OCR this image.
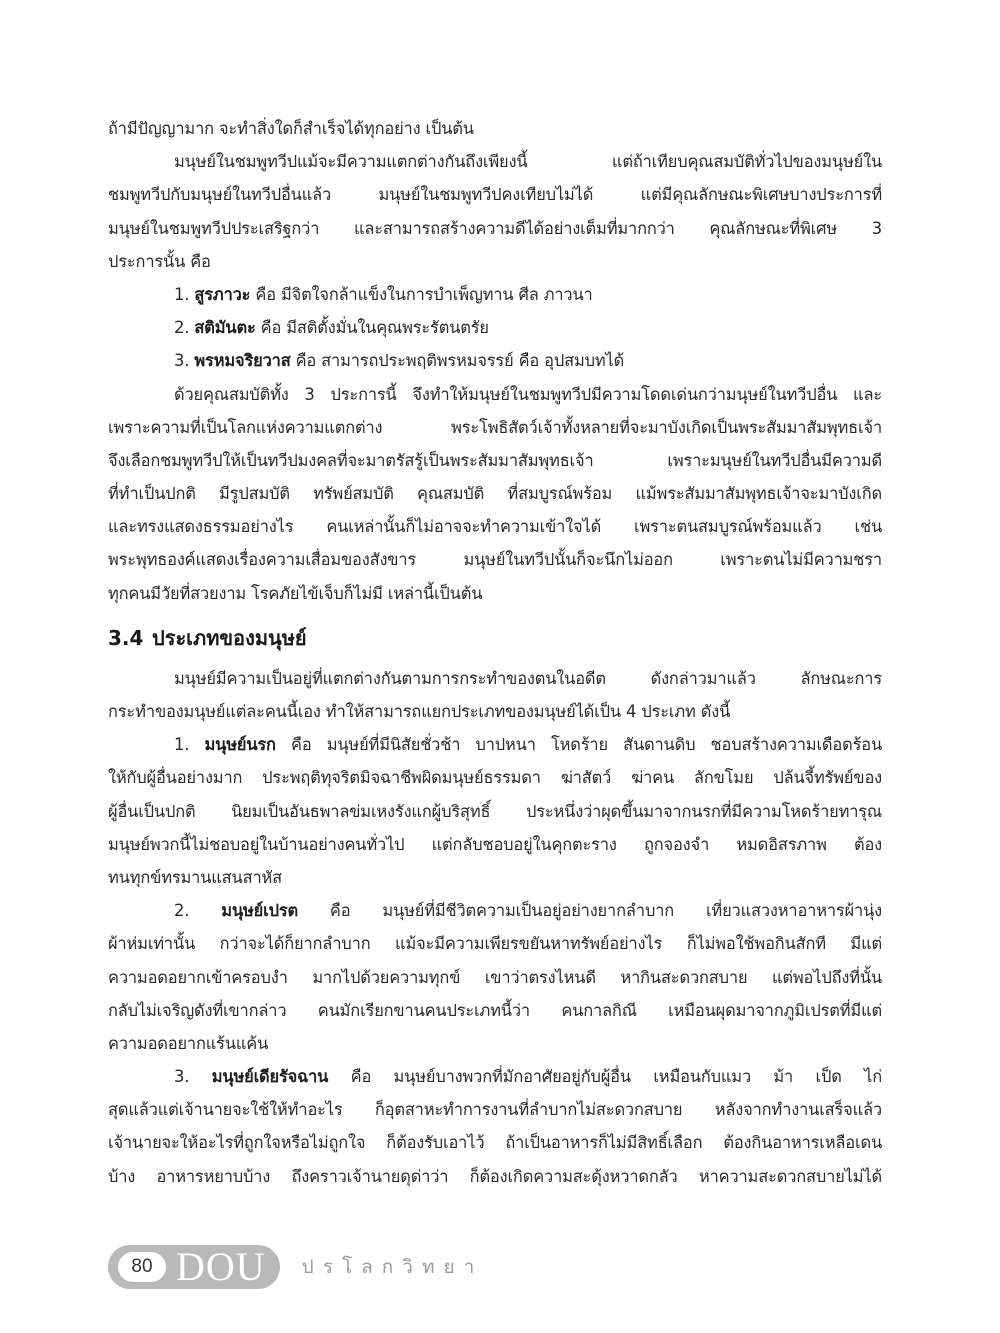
ถ้ามีปัญญามาก จะทำสิ่งใดก็สำเร็จได้ทุกอย่าง เป็นต้น
มนุษย์ในชมพูทวีปแม้จะมีความแตกต่างกันถึงเพียงนี้ แต่ถ้าเทียบคุณสมบัติทั่วไปของมนุษย์ใน
ชมพูทวีปกับมนุษย์ในทวีปอื่นแล้ว มนุษย์ในชมพูทวีปคงเทียบไม่ได้ แต่มีคุณลักษณะพิเศษบางประการที่
มนุษย์ในชมพูทวีปประเสริฐกว่า และสามารถสร้างความดีได้อย่างเต็มที่มากกว่า คุณลักษณะที่พิเศษ 3
ประการนั้น คือ
1. สูรภาวะ คือ มีจิตใจกล้าแข็งในการบำเพ็ญทาน ศีล ภาวนา
2. สติมันตะ คือ มีสติตั้งมั่นในคุณพระรัตนตรัย
3. พรหมจริยวาส คือ สามารถประพฤติพรหมจรรย์ คือ อุปสมบทได้
ด้วยคุณสมบัติทั้ง 3 ประการนี้ จึงทำให้มนุษย์ในชมพูทวีปมีความโดดเด่นกว่ามนุษย์ในทวีปอื่น และ
เพราะความที่เป็นโลกแห่งความแตกต่าง พระโพธิสัตว์เจ้าทั้งหลายที่จะมาบังเกิดเป็นพระสัมมาสัมพุทธเจ้า
จึงเลือกชมพูทวีปให้เป็นทวีปมงคลที่จะมาตรัสรู้เป็นพระสัมมาสัมพุทธเจ้า เพราะมนุษย์ในทวีปอื่นมีความดี
ที่ทำเป็นปกติ มีรูปสมบัติ ทรัพย์สมบัติ คุณสมบัติ ที่สมบูรณ์พร้อม แม้พระสัมมาสัมพุทธเจ้าจะมาบังเกิด
และทรงแสดงธรรมอย่างไร คนเหล่านั้นก็ไม่อาจจะทำความเข้าใจได้ เพราะตนสมบูรณ์พร้อมแล้ว เช่น
พระพุทธองค์แสดงเรื่องความเสื่อมของสังขาร มนุษย์ในทวีปนั้นก็จะนึกไม่ออก เพราะตนไม่มีความชรา
ทุกคนมีวัยที่สวยงาม โรคภัยไข้เจ็บก็ไม่มี เหล่านี้เป็นต้น
3.4 ประเภทของมนุษย์
มนุษย์มีความเป็นอยู่ที่แตกต่างกันตามการกระทำของตนในอดีต ดังกล่าวมาแล้ว ลักษณะการ
กระทำของมนุษย์แต่ละคนนี้เอง ทำให้สามารถแยกประเภทของมนุษย์ได้เป็น 4 ประเภท ดังนี้
1. มนุษย์นรก คือ มนุษย์ที่มีนิสัยชั่วช้า บาปหนา โหดร้าย สันดานดิบ ชอบสร้างความเดือดร้อน
ให้กับผู้อื่นอย่างมาก ประพฤติทุจริตมิจฉาชีพผิดมนุษย์ธรรมดา ฆ่าสัตว์ ฆ่าคน ลักขโมย ปล้นจี้ทรัพย์ของ
ผู้อื่นเป็นปกติ นิยมเป็นอันธพาลข่มเหงรังแกผู้บริสุทธิ์ ประหนึ่งว่าผุดขึ้นมาจากนรกที่มีความโหดร้ายทารุณ
มนุษย์พวกนี้ไม่ชอบอยู่ในบ้านอย่างคนทั่วไป แต่กลับชอบอยู่ในคุกตะราง ถูกจองจำ หมดอิสรภาพ ต้อง
ทนทุกข์ทรมานแสนสาหัส
2. มนุษย์เปรต คือ มนุษย์ที่มีชีวิตความเป็นอยู่อย่างยากลำบาก เที่ยวแสวงหาอาหารผ้านุ่ง
ผ้าห่มเท่านั้น กว่าจะได้ก็ยากลำบาก แม้จะมีความเพียรขยันหาทรัพย์อย่างไร ก็ไม่พอใช้พอกินสักที มีแต่
ความอดอยากเข้าครอบงำ มากไปด้วยความทุกข์ เขาว่าตรงไหนดี หากินสะดวกสบาย แต่พอไปถึงที่นั้น
กลับไม่เจริญดังที่เขากล่าว คนมักเรียกขานคนประเภทนี้ว่า คนกาลกิณี เหมือนผุดมาจากภูมิเปรตที่มีแต่
ความอดอยากแร้นแค้น
3. มนุษย์เดียรัจฉาน คือ มนุษย์บางพวกที่มักอาศัยอยู่กับผู้อื่น เหมือนกับแมว ม้า เป็ด ไก่
สุดแล้วแต่เจ้านายจะใช้ให้ทำอะไร ก็อุตสาหะทำการงานที่ลำบากไม่สะดวกสบาย หลังจากทำงานเสร็จแล้ว
เจ้านายจะให้อะไรที่ถูกใจหรือไม่ถูกใจ ก็ต้องรับเอาไว้ ถ้าเป็นอาหารก็ไม่มีสิทธิ์เลือก ต้องกินอาหารเหลือเดน
บ้าง อาหารหยาบบ้าง ถึงคราวเจ้านายดุด่าว่า ก็ต้องเกิดความสะดุ้งหวาดกลัว หาความสะดวกสบายไม่ได้
80 DOU ปรโลกวิทยา
